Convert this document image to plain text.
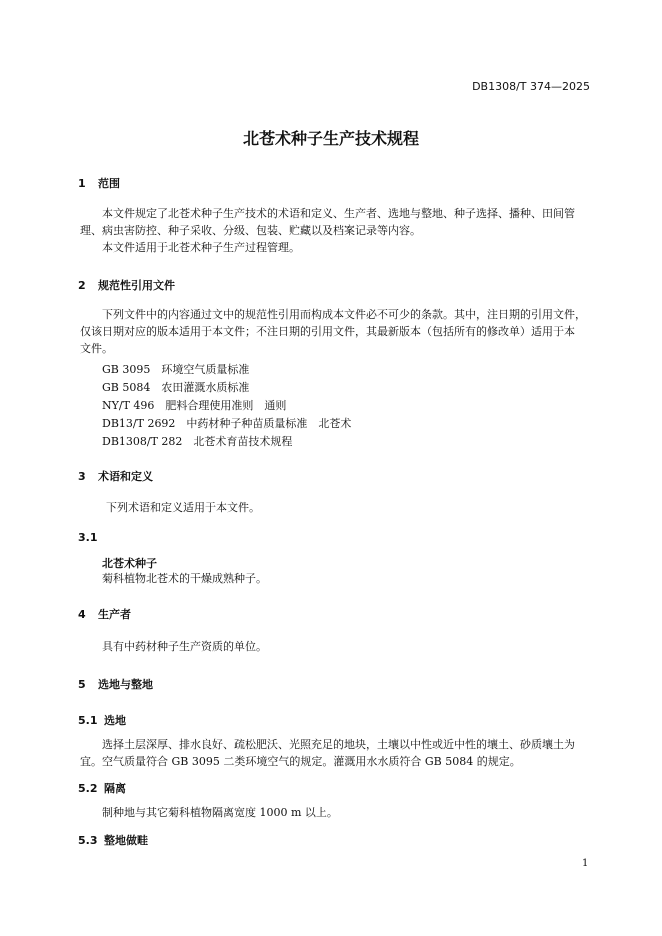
DB1308/T 374—2025
北苍术种子生产技术规程
1 范围
本文件规定了北苍术种子生产技术的术语和定义、生产者、选地与整地、种子选择、播种、田间管
理、病虫害防控、种子采收、分级、包装、贮藏以及档案记录等内容。
本文件适用于北苍术种子生产过程管理。
2 规范性引用文件
下列文件中的内容通过文中的规范性引用而构成本文件必不可少的条款。其中，注日期的引用文件，
仅该日期对应的版本适用于本文件；不注日期的引用文件，其最新版本（包括所有的修改单）适用于本
文件。
GB 3095　环境空气质量标准
GB 5084　农田灌溉水质标准
NY/T 496　肥料合理使用准则　通则
DB13/T 2692　中药材种子种苗质量标准　北苍术
DB1308/T 282　北苍术育苗技术规程
3 术语和定义
下列术语和定义适用于本文件。
3.1
北苍术种子
菊科植物北苍术的干燥成熟种子。
4 生产者
具有中药材种子生产资质的单位。
5 选地与整地
5.1 选地
选择土层深厚、排水良好、疏松肥沃、光照充足的地块，土壤以中性或近中性的壤土、砂质壤土为
宜。空气质量符合 GB 3095 二类环境空气的规定。灌溉用水水质符合 GB 5084 的规定。
5.2 隔离
制种地与其它菊科植物隔离宽度 1000 m 以上。
5.3 整地做畦
1
